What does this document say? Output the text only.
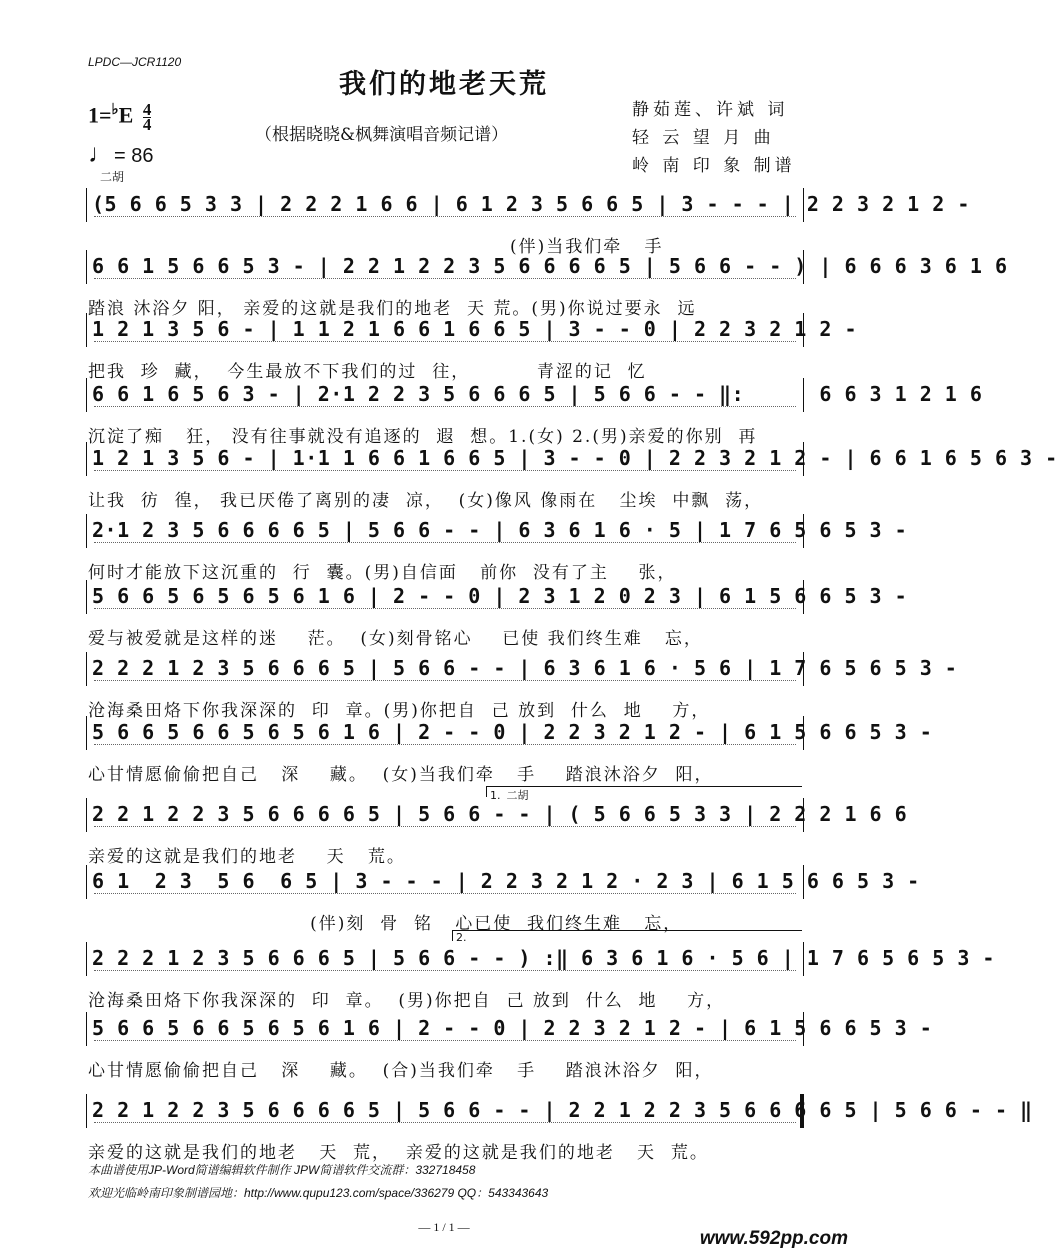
LPDC—JCR1120
我们的地老天荒
（根据晓晓&枫舞演唱音频记谱）
静茹莲、许斌 词
轻 云 望 月 曲
岭 南 印 象 制谱
$1=^♭E \frac{4}{4}$
♩= 86
二胡
(5 6 6 5 3 3 | 2 2 2 1 6 6 | 6 1 2 3 5 6 6 5 | 3 - - - | 2 2 3 2 1 2 -
(伴)当我们牵   手
6 6 1 5 6 6 5 3 - | 2 2 1 2 2 3 5 6 6 6 6 5 | 5 6 6 - - ) | 6 6 6 3 6 1 6
踏浪 沐浴夕 阳， 亲爱的这就是我们的地老  天 荒。(男)你说过要永  远
1 2 1 3 5 6 - | 1 1 2 1 6 6 1 6 6 5 | 3 - - 0 | 2 2 3 2 1 2 -
把我  珍  藏，  今生最放不下我们的过  往，         青涩的记  忆
6 6 1 6 5 6 3 - | 2·1 2 2 3 5 6 6 6 5 | 5 6 6 - - ‖:      6 6 3 1 2 1 6
沉淀了痴   狂， 没有往事就没有追逐的  遐  想。1.(女) 2.(男)亲爱的你别  再
1 2 1 3 5 6 - | 1·1 1 6 6 1 6 6 5 | 3 - - 0 | 2 2 3 2 1 2 - | 6 6 1 6 5 6 3 -
让我  彷  徨， 我已厌倦了离别的凄  凉，  (女)像风 像雨在   尘埃  中飘  荡，
2·1 2 3 5 6 6 6 6 5 | 5 6 6 - - | 6 3 6 1 6 · 5 | 1 7 6 5 6 5 3 -
何时才能放下这沉重的  行  囊。(男)自信面   前你  没有了主    张，
5 6 6 5 6 5 6 5 6 1 6 | 2 - - 0 | 2 3 1 2 0 2 3 | 6 1 5 6 6 5 3 -
爱与被爱就是这样的迷    茫。  (女)刻骨铭心    已使 我们终生难   忘，
2 2 2 1 2 3 5 6 6 6 5 | 5 6 6 - - | 6 3 6 1 6 · 5 6 | 1 7 6 5 6 5 3 -
沧海桑田烙下你我深深的  印  章。(男)你把自  己 放到  什么  地    方，
5 6 6 5 6 6 5 6 5 6 1 6 | 2 - - 0 | 2 2 3 2 1 2 - | 6 1 5 6 6 5 3 -
心甘情愿偷偷把自己   深    藏。  (女)当我们牵   手    踏浪沐浴夕  阳，
2 2 1 2 2 3 5 6 6 6 6 5 | 5 6 6 - - | ( 5 6 6 5 3 3 | 2 2 2 1 6 6
亲爱的这就是我们的地老    天   荒。
1. 二胡
6 1  2 3  5 6  6 5 | 3 - - - | 2 2 3 2 1 2 · 2 3 | 6 1 5 6 6 5 3 -
(伴)刻  骨  铭   心已使  我们终生难   忘，
2 2 2 1 2 3 5 6 6 6 5 | 5 6 6 - - ) :‖ 6 3 6 1 6 · 5 6 | 1 7 6 5 6 5 3 -
沧海桑田烙下你我深深的  印  章。  (男)你把自  己 放到  什么  地    方，
2.
5 6 6 5 6 6 5 6 5 6 1 6 | 2 - - 0 | 2 2 3 2 1 2 - | 6 1 5 6 6 5 3 -
心甘情愿偷偷把自己   深    藏。  (合)当我们牵   手    踏浪沐浴夕  阳，
2 2 1 2 2 3 5 6 6 6 6 5 | 5 6 6 - - | 2 2 1 2 2 3 5 6 6 6 6 5 | 5 6 6 - - ‖
亲爱的这就是我们的地老   天  荒，  亲爱的这就是我们的地老   天  荒。
本曲谱使用JP-Word简谱编辑软件制作 JPW简谱软件交流群：332718458
欢迎光临岭南印象制谱园地：http://www.qupu123.com/space/336279 QQ：543343643
— 1 / 1 —
www.592pp.com
